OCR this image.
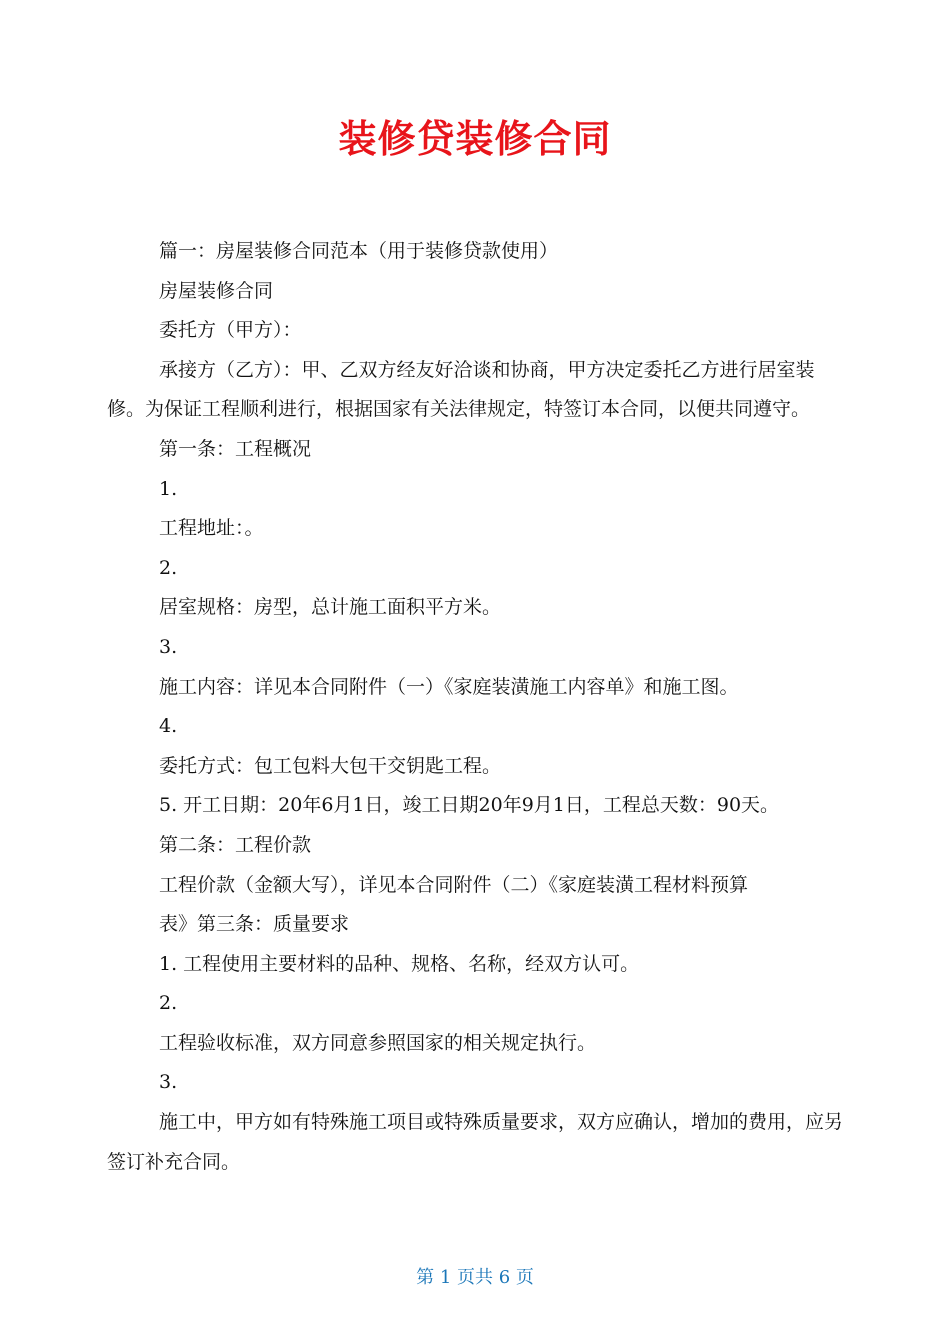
装修贷装修合同

篇一：房屋装修合同范本（用于装修贷款使用）

房屋装修合同

委托方（甲方）：

承接方（乙方）：甲、乙双方经友好洽谈和协商，甲方决定委托乙方进行居室装修。为保证工程顺利进行，根据国家有关法律规定，特签订本合同，以便共同遵守。

第一条：工程概况

1.

工程地址：。

2.

居室规格：房型，总计施工面积平方米。

3.

施工内容：详见本合同附件（一）《家庭装潢施工内容单》和施工图。

4.

委托方式：包工包料大包干交钥匙工程。

5. 开工日期：20年6月1日，竣工日期20年9月1日，工程总天数：90天。

第二条：工程价款

工程价款（金额大写），详见本合同附件（二）《家庭装潢工程材料预算

表》第三条：质量要求

1. 工程使用主要材料的品种、规格、名称，经双方认可。

2.

工程验收标准，双方同意参照国家的相关规定执行。

3.

施工中，甲方如有特殊施工项目或特殊质量要求，双方应确认，增加的费用，应另签订补充合同。

第 1 页共 6 页
